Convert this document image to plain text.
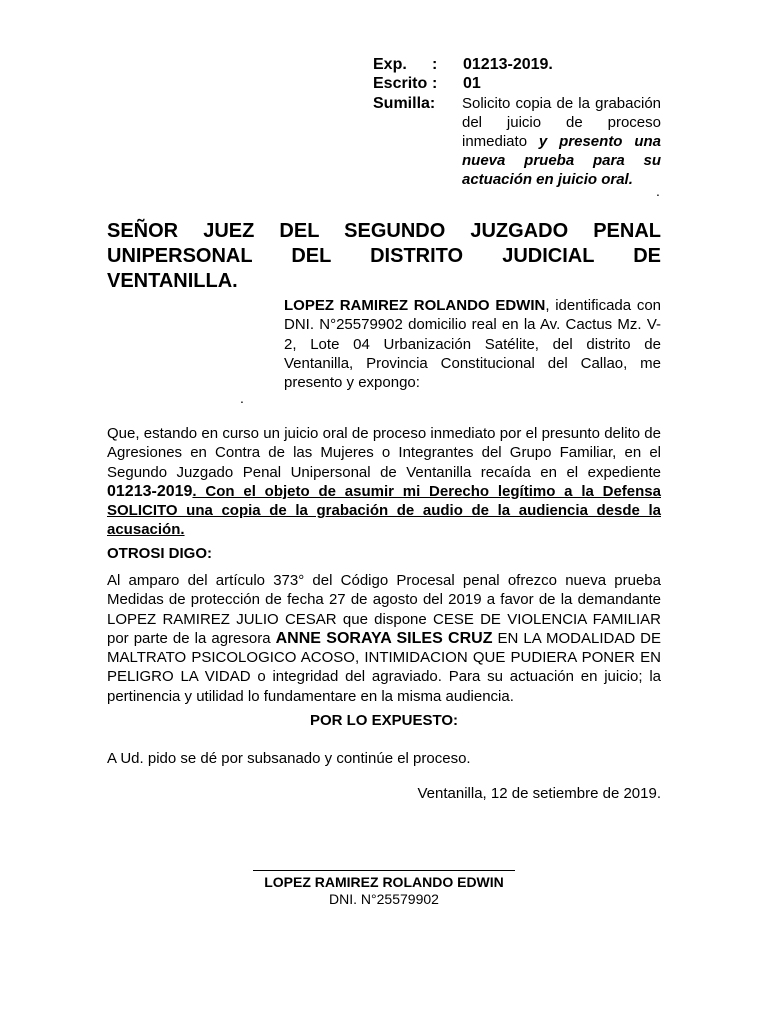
Exp. : 01213-2019.
Escrito : 01
Sumilla: Solicito copia de la grabación del juicio de proceso inmediato y presento una nueva prueba para su actuación en juicio oral.
.
SEÑOR JUEZ DEL SEGUNDO JUZGADO PENAL
UNIPERSONAL DEL DISTRITO JUDICIAL DE VENTANILLA.
LOPEZ RAMIREZ ROLANDO EDWIN, identificada con DNI. N°25579902 domicilio real en la Av. Cactus Mz. V-2, Lote 04 Urbanización Satélite, del distrito de Ventanilla, Provincia Constitucional del Callao, me presento y expongo:
.
Que, estando en curso un juicio oral de proceso inmediato por el presunto delito de Agresiones en Contra de las Mujeres o Integrantes del Grupo Familiar, en el Segundo Juzgado Penal Unipersonal de Ventanilla recaída en el expediente 01213-2019. Con el objeto de asumir mi Derecho legítimo a la Defensa SOLICITO una copia de la grabación de audio de la audiencia desde la acusación.
OTROSI DIGO:
Al amparo del artículo 373° del Código Procesal penal ofrezco nueva prueba Medidas de protección de fecha 27 de agosto del 2019 a favor de la demandante LOPEZ RAMIREZ JULIO CESAR que dispone CESE DE VIOLENCIA FAMILIAR por parte de la agresora ANNE SORAYA SILES CRUZ EN LA MODALIDAD DE MALTRATO PSICOLOGICO ACOSO, INTIMIDACION QUE PUDIERA PONER EN PELIGRO LA VIDAD o integridad del agraviado. Para su actuación en juicio; la pertinencia y utilidad lo fundamentare en la misma audiencia.
POR LO EXPUESTO:
A Ud. pido se dé por subsanado y continúe el proceso.
Ventanilla, 12 de setiembre de 2019.
LOPEZ RAMIREZ ROLANDO EDWIN
DNI. N°25579902
